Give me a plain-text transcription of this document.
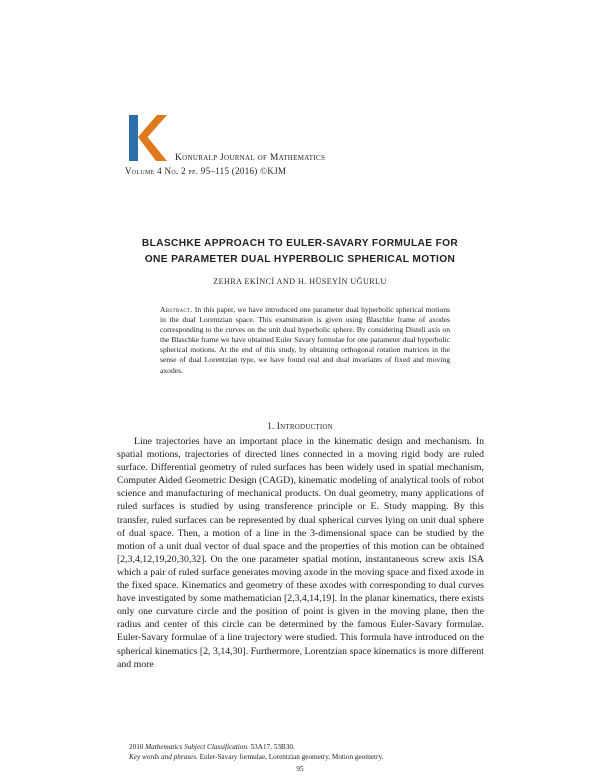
Konuralp Journal of Mathematics
Volume 4 No. 2 pp. 95–115 (2016) ©KJM
BLASCHKE APPROACH TO EULER-SAVARY FORMULAE FOR
ONE PARAMETER DUAL HYPERBOLIC SPHERICAL MOTION
ZEHRA EKİNCİ AND H. HÜSEYİN UĞURLU
Abstract. In this paper, we have introduced one parameter dual hyperbolic spherical motions in the dual Lorentzian space. This examination is given using Blaschke frame of axodes corresponding to the curves on the unit dual hyperbolic sphere. By considering Disteli axis on the Blaschke frame we have obtained Euler Savary formulae for one parameter dual hyperbolic spherical motions. At the end of this study, by obtaining orthogonal rotation matrices in the sense of dual Lorentzian type, we have found real and dual invariants of fixed and moving axodes.
1. Introduction
Line trajectories have an important place in the kinematic design and mechanism. In spatial motions, trajectories of directed lines connected in a moving rigid body are ruled surface. Differential geometry of ruled surfaces has been widely used in spatial mechanism, Computer Aided Geometric Design (CAGD), kinematic modeling of analytical tools of robot science and manufacturing of mechanical products. On dual geometry, many applications of ruled surfaces is studied by using transference principle or E. Study mapping. By this transfer, ruled surfaces can be represented by dual spherical curves lying on unit dual sphere of dual space. Then, a motion of a line in the 3-dimensional space can be studied by the motion of a unit dual vector of dual space and the properties of this motion can be obtained [2,3,4,12,19,20,30,32]. On the one parameter spatial motion, instantaneous screw axis ISA which a pair of ruled surface generates moving axode in the moving space and fixed axode in the fixed space. Kinematics and geometry of these axodes with corresponding to dual curves have investigated by some mathematician [2,3,4,14,19]. In the planar kinematics, there exists only one curvature circle and the position of point is given in the moving plane, then the radius and center of this circle can be determined by the famous Euler-Savary formulae. Euler-Savary formulae of a line trajectory were studied. This formula have introduced on the spherical kinematics [2, 3,14,30]. Furthermore, Lorentzian space kinematics is more different and more
2010 Mathematics Subject Classification. 53A17, 53B30.
Key words and phrases. Euler-Savary formulae, Lorentzian geometry, Motion geometry.
95
